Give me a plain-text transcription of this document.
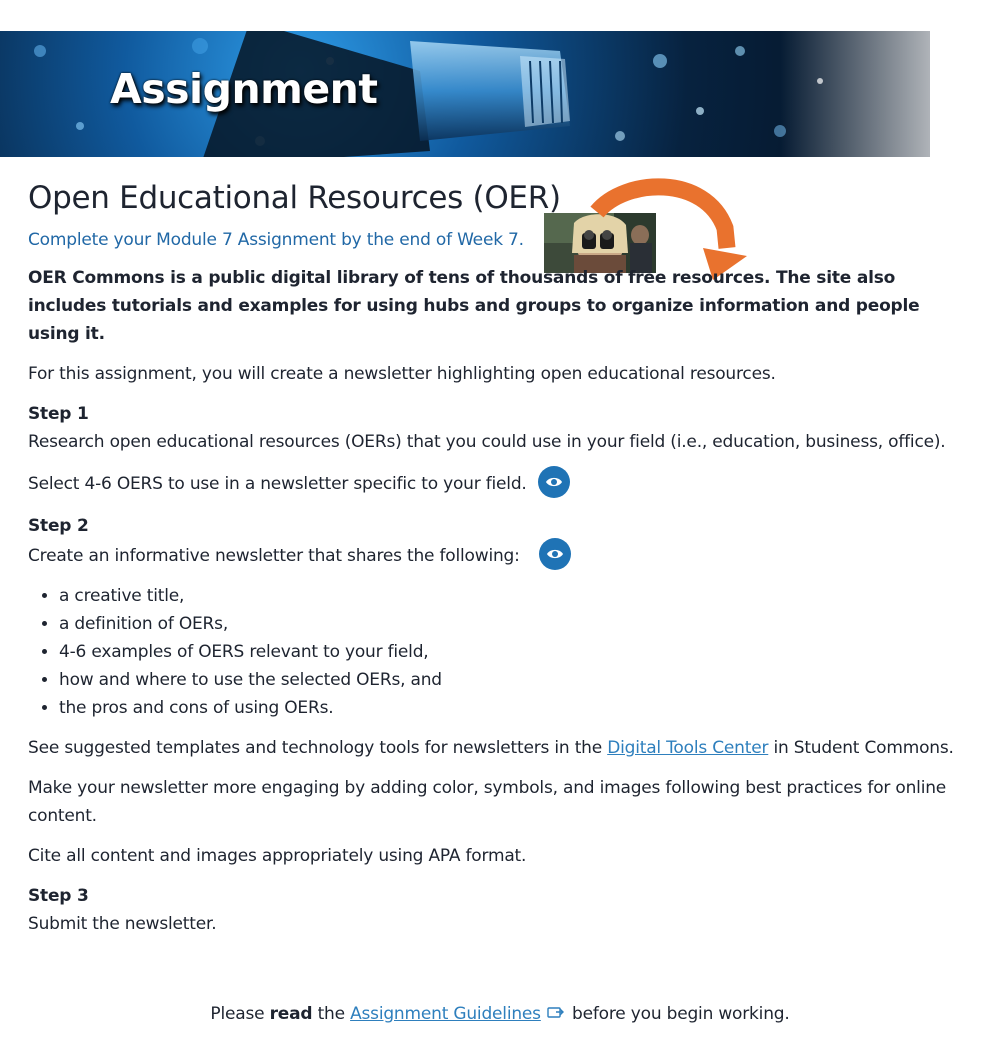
Assignment
Open Educational Resources (OER)

Complete your Module 7 Assignment by the end of Week 7.

OER Commons is a public digital library of tens of thousands of free resources. The site also includes tutorials and examples for using hubs and groups to organize information and people using it.

For this assignment, you will create a newsletter highlighting open educational resources.

Step 1
Research open educational resources (OERs) that you could use in your field (i.e., education, business, office).

Select 4-6 OERS to use in a newsletter specific to your field.

Step 2
Create an informative newsletter that shares the following:

• a creative title,
• a definition of OERs,
• 4-6 examples of OERS relevant to your field,
• how and where to use the selected OERs, and
• the pros and cons of using OERs.

See suggested templates and technology tools for newsletters in the Digital Tools Center in Student Commons.

Make your newsletter more engaging by adding color, symbols, and images following best practices for online content.

Cite all content and images appropriately using APA format.

Step 3
Submit the newsletter.

Please read the Assignment Guidelines before you begin working.
